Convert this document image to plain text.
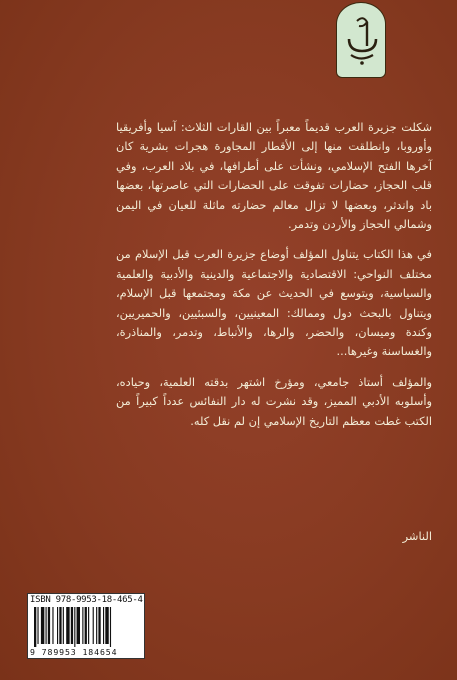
شكلت جزيرة العرب قديماً معبراً بين القارات الثلاث: آسيا وأفريقيا وأوروبا، وانطلقت منها إلى الأقطار المجاورة هجرات بشرية كان آخرها الفتح الإسلامي، ونشأت على أطرافها، في بلاد العرب، وفي قلب الحجاز، حضارات تفوقت على الحضارات التي عاصرتها، بعضها باد واندثر، وبعضها لا تزال معالم حضارته ماثلة للعيان في اليمن وشمالي الحجاز والأردن وتدمر.

في هذا الكتاب يتناول المؤلف أوضاع جزيرة العرب قبل الإسلام من مختلف النواحي: الاقتصادية والاجتماعية والدينية والأدبية والعلمية والسياسية، ويتوسع في الحديث عن مكة ومجتمعها قبل الإسلام، ويتناول بالبحث دول وممالك: المعينيين، والسبئيين، والحميريين، وكندة وميسان، والحضر، والرها، والأنباط، وتدمر، والمناذرة، والغساسنة وغيرها...

والمؤلف أستاذ جامعي، ومؤرخ اشتهر بدقته العلمية، وحياده، وأسلوبه الأدبي المميز، وقد نشرت له دار النفائس عدداً كبيراً من الكتب غطت معظم التاريخ الإسلامي إن لم نقل كله.

الناشر
ISBN 978-9953-18-465-4
9 789953 184654
